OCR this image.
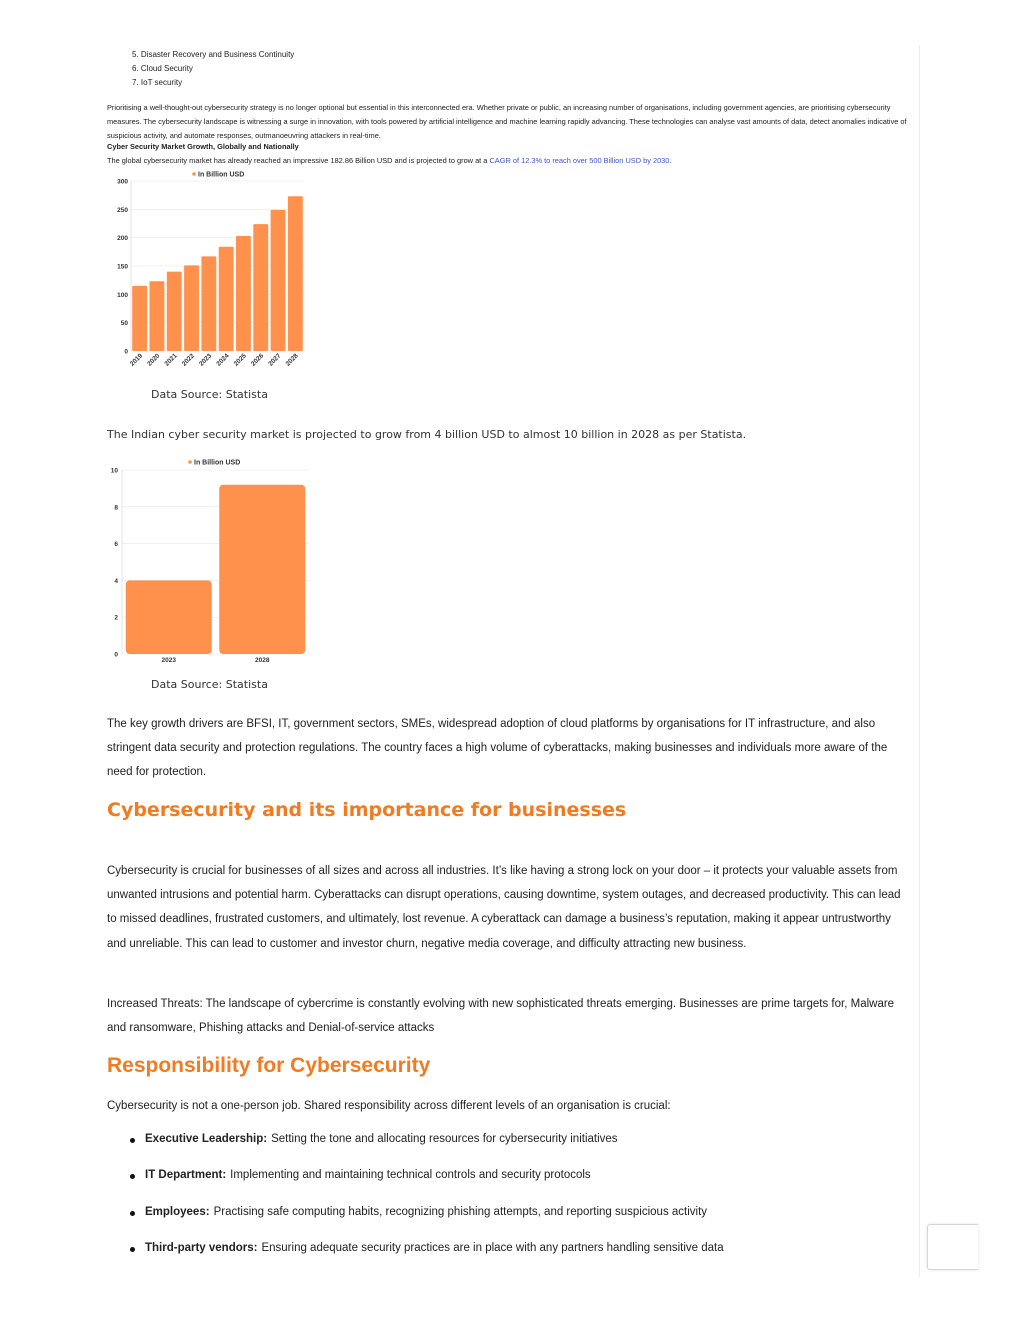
5. Disaster Recovery and Business Continuity
6. Cloud Security
7. IoT security

Prioritising a well-thought-out cybersecurity strategy is no longer optional but essential in this interconnected era. Whether private or public, an increasing number of organisations, including government agencies, are prioritising cybersecurity measures. The cybersecurity landscape is witnessing a surge in innovation, with tools powered by artificial intelligence and machine learning rapidly advancing. These technologies can analyse vast amounts of data, detect anomalies indicative of suspicious activity, and automate responses, outmanoeuvring attackers in real-time.

Cyber Security Market Growth, Globally and Nationally
The global cybersecurity market has already reached an impressive 182.86 Billion USD and is projected to grow at a CAGR of 12.3% to reach over 500 Billion USD by 2030.
In Billion USD
0
50
100
150
200
250
300
2019 2020 2021 2022 2023 2024 2025 2026 2027 2028
Data Source: Statista
The Indian cyber security market is projected to grow from 4 billion USD to almost 10 billion in 2028 as per Statista.
In Billion USD
0
2
4
6
8
10
2023	2028
Data Source: Statista

The key growth drivers are BFSI, IT, government sectors, SMEs, widespread adoption of cloud platforms by organisations for IT infrastructure, and also stringent data security and protection regulations. The country faces a high volume of cyberattacks, making businesses and individuals more aware of the need for protection.

Cybersecurity and its importance for businesses

Cybersecurity is crucial for businesses of all sizes and across all industries. It’s like having a strong lock on your door – it protects your valuable assets from unwanted intrusions and potential harm. Cyberattacks can disrupt operations, causing downtime, system outages, and decreased productivity. This can lead to missed deadlines, frustrated customers, and ultimately, lost revenue. A cyberattack can damage a business’s reputation, making it appear untrustworthy and unreliable. This can lead to customer and investor churn, negative media coverage, and difficulty attracting new business.

Increased Threats: The landscape of cybercrime is constantly evolving with new sophisticated threats emerging. Businesses are prime targets for, Malware and ransomware, Phishing attacks and Denial-of-service attacks

Responsibility for Cybersecurity

Cybersecurity is not a one-person job. Shared responsibility across different levels of an organisation is crucial:

Executive Leadership: Setting the tone and allocating resources for cybersecurity initiatives
IT Department: Implementing and maintaining technical controls and security protocols
Employees: Practising safe computing habits, recognizing phishing attempts, and reporting suspicious activity
Third-party vendors: Ensuring adequate security practices are in place with any partners handling sensitive data
